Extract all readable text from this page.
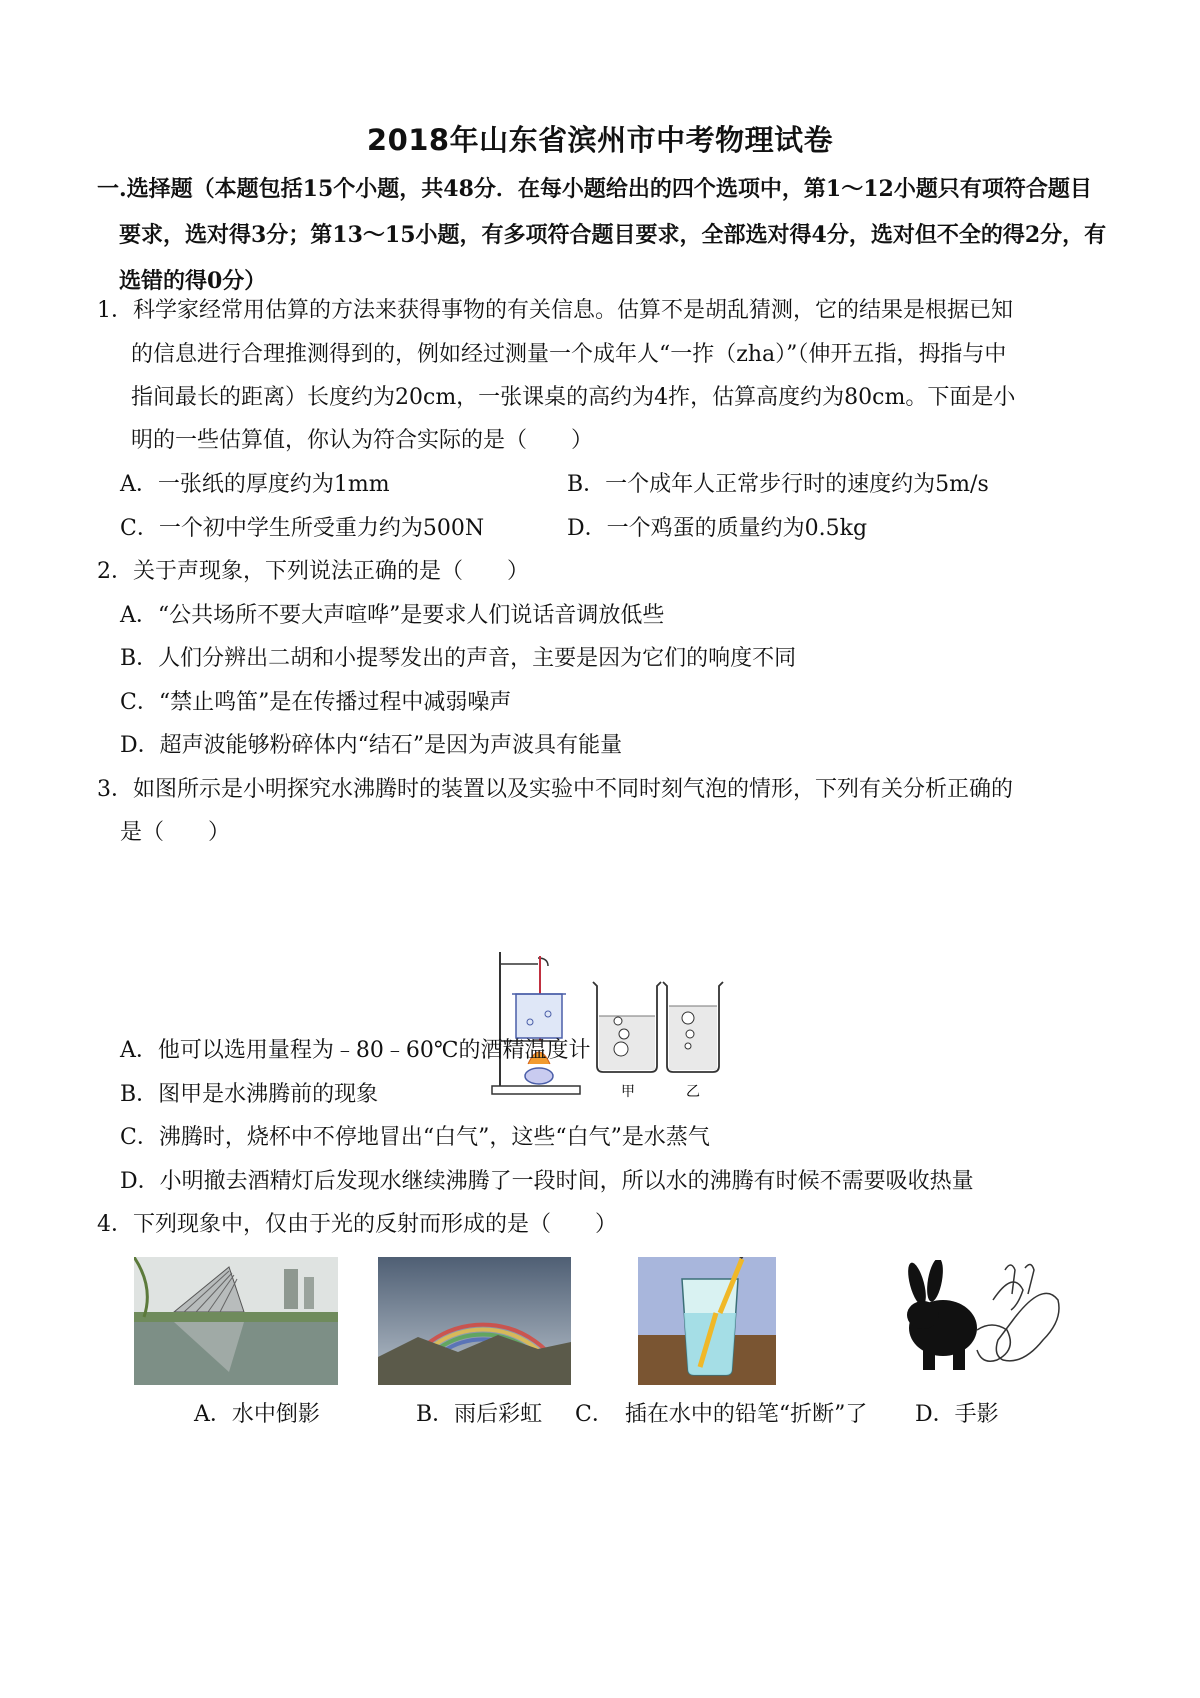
2018年山东省滨州市中考物理试卷
一.选择题（本题包括15个小题，共48分．在每小题给出的四个选项中，第1～12小题只有项符合题目要求，选对得3分；第13～15小题，有多项符合题目要求，全部选对得4分，选对但不全的得2分，有选错的得0分）
1．科学家经常用估算的方法来获得事物的有关信息。估算不是胡乱猜测，它的结果是根据已知
的信息进行合理推测得到的，例如经过测量一个成年人“一拃（zha）”（伸开五指，拇指与中
指间最长的距离）长度约为20cm，一张课桌的高约为4拃，估算高度约为80cm。下面是小
明的一些估算值，你认为符合实际的是（　　）
A．一张纸的厚度约为1mm	B．一个成年人正常步行时的速度约为5m/s
C．一个初中学生所受重力约为500N	D．一个鸡蛋的质量约为0.5kg
2．关于声现象，下列说法正确的是（　　）
A．“公共场所不要大声喧哗”是要求人们说话音调放低些
B．人们分辨出二胡和小提琴发出的声音，主要是因为它们的响度不同
C．“禁止鸣笛”是在传播过程中减弱噪声
D．超声波能够粉碎体内“结石”是因为声波具有能量
3．如图所示是小明探究水沸腾时的装置以及实验中不同时刻气泡的情形，下列有关分析正确的
是（　　）
甲	乙
A．他可以选用量程为﹣80﹣60℃的酒精温度计
B．图甲是水沸腾前的现象
C．沸腾时，烧杯中不停地冒出“白气”，这些“白气”是水蒸气
D．小明撤去酒精灯后发现水继续沸腾了一段时间，所以水的沸腾有时候不需要吸收热量
4．下列现象中，仅由于光的反射而形成的是（　　）
A．水中倒影	B．雨后彩虹 C．　插在水中的铅笔“折断”了 D．手影
